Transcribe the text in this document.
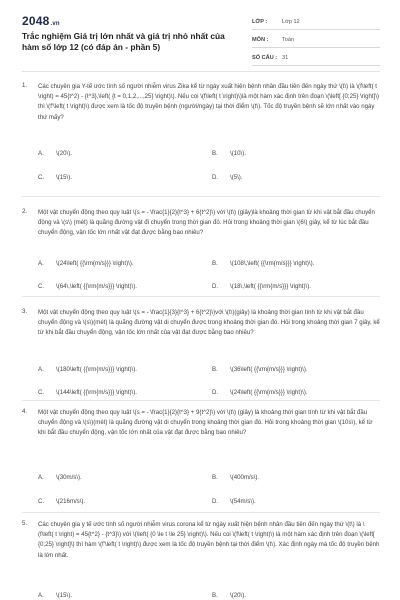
2048.vn
Trắc nghiệm Giá trị lớn nhất và giá trị nhỏ nhất của hàm số lớp 12 (có đáp án - phần 5)
LỚP :	Lớp 12
MÔN :	Toán
SỐ CÂU : 31
1. Các chuyên gia Y-tế ước tính số người nhiễm virus Zika kể từ ngày xuất hiện bệnh nhân đầu tiên đến ngày thứ \(t\) là \(f\left( t \right) = 45{t^2} - {t^3},\left( {t = 0,1,2,...,25} \right)\). Nếu coi \(f\left( t \right)\)là một hàm xác định trên đoạn \(\left[ {0;25} \right]\) thì \(f'\left( t \right)\) được xem là tốc độ truyền bệnh (người/ngày) tại thời điểm \(t\). Tốc độ truyền bệnh sẽ lớn nhất vào ngày thứ mấy?
A. \(20\).	B. \(10\).
C. \(15\).	D. \(5\).
2. Một vật chuyển động theo quy luật \(s = - \frac{1}{2}{t^3} + 6{t^2}\) với \(t\) (giây)là khoảng thời gian từ khi vật bắt đầu chuyển động và \(s\) (mét) là quãng đường vật đi chuyển trong thời gian đó. Hỏi trong khoảng thời gian \(6\) giây, kể từ lúc bắt đầu chuyển động, vận tốc lớn nhất vật đạt được bằng bao nhiêu?
A. \(24\left( {{\rm{m/s}}} \right)\).	B. \(108\,\left( {{\rm{m/s}}} \right)\).
C. \(64\,\left( {{\rm{m/s}}} \right)\).	D. \(18\,\left( {{\rm{m/s}}} \right)\).
3. Một vật chuyển động theo quy luật \(s = - \frac{1}{3}{t^3} + 6{t^2}\)với \(t\)(giây) là khoảng thời gian tính từ khi vật bắt đầu chuyển động và \(s\)(mét) là quãng đường vật di chuyển được trong khoảng thời gian đó. Hỏi trong khoảng thời gian 7 giây, kể từ khi bắt đầu chuyển động, vận tốc lớn nhất của vật đạt được bằng bao nhiêu?
A. \(180\left( {{\rm{m/s}}} \right)\).	B. \(36\left( {{\rm{m/s}}} \right)\).
C. \(144\left( {{\rm{m/s}}} \right)\).	D. \(24\left( {{\rm{m/s}}} \right)\).
4. Một vật chuyển động theo quy luật \(s = - \frac{1}{2}{t^3} + 9{t^2}\) với \(t\) (giây) là khoảng thời gian tính từ khi vật bắt đầu chuyển động và \(s\)(mét) là quãng đường vật di chuyển trong khoảng thời gian đó. Hỏi trong khoảng thời gian \(10s\), kể từ khi bắt đầu chuyển động, vận tốc lớn nhất của vật đạt được bằng bao nhiêu?
A. \(30m/s\).	B. \(400m/s\).
C. \(216m/s\).	D. \(54m/s\).
5. Các chuyên gia y tế ước tính số người nhiễm virus corona kể từ ngày xuất hiện bệnh nhân đầu tiên đến ngày thứ \(t\) là \(f\left( t \right) = 45{t^2} - {t^3}\) với \(\left( {0 \le t \le 25} \right)\). Nếu coi \(f\left( t \right)\) là một hàm xác định trên đoạn \(\left[ {0;25} \right]\) thì hàm \(f'\left( t \right)\) được xem là tốc độ truyền bệnh tại thời điểm \(t\). Xác định ngày mà tốc độ truyền bệnh là lớn nhất.
A. \(15\).	B. \(20\).
